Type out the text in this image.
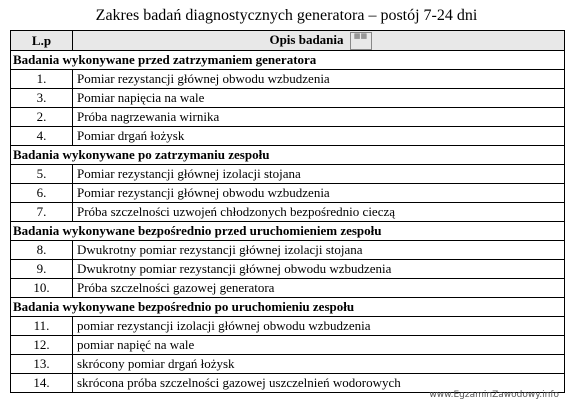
Zakres badań diagnostycznych generatora – postój 7-24 dni
L.p	Opis badania ▦▦
Badania wykonywane przed zatrzymaniem generatora	
1.	Pomiar rezystancji głównej obwodu wzbudzenia
3.	Pomiar napięcia na wale
2.	Próba nagrzewania wirnika
4.	Pomiar drgań łożysk
Badania wykonywane po zatrzymaniu zespołu	
5.	Pomiar rezystancji głównej izolacji stojana
6.	Pomiar rezystancji głównej obwodu wzbudzenia
7.	Próba szczelności uzwojeń chłodzonych bezpośrednio cieczą
Badania wykonywane bezpośrednio przed uruchomieniem zespołu	
8.	Dwukrotny pomiar rezystancji głównej izolacji stojana
9.	Dwukrotny pomiar rezystancji głównej obwodu wzbudzenia
10.	Próba szczelności gazowej generatora
Badania wykonywane bezpośrednio po uruchomieniu zespołu	
11.	pomiar rezystancji izolacji głównej obwodu wzbudzenia
12.	pomiar napięć na wale
13.	skrócony pomiar drgań łożysk
14.	skrócona próba szczelności gazowej uszczelnień wodorowych
www.EgzaminZawodowy.info
